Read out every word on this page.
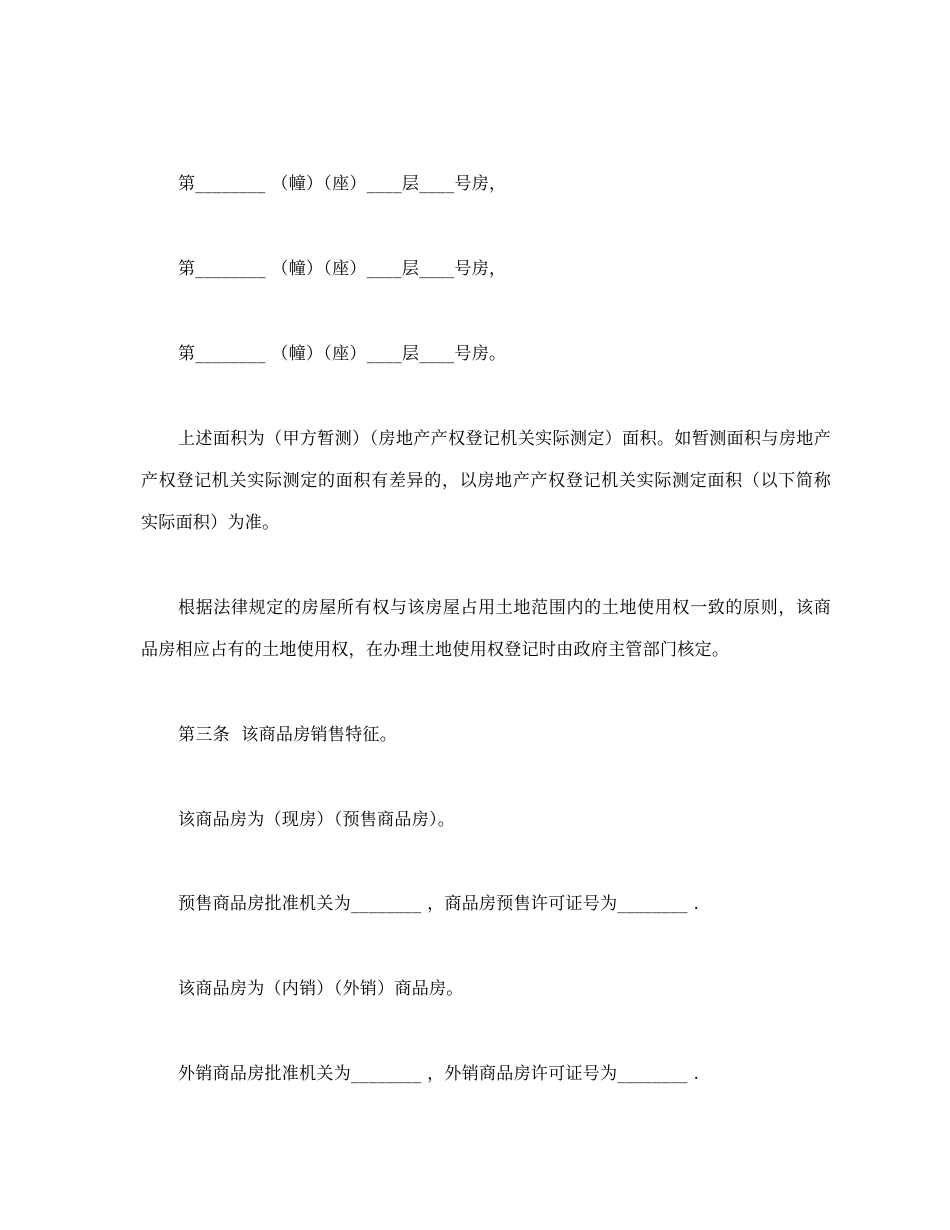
第________ （幢）（座）____层____号房，

第________ （幢）（座）____层____号房，

第________ （幢）（座）____层____号房。

上述面积为（甲方暂测）（房地产产权登记机关实际测定）面积。如暂测面积与房地产产权登记机关实际测定的面积有差异的，以房地产产权登记机关实际测定面积（以下简称实际面积）为准。

根据法律规定的房屋所有权与该房屋占用土地范围内的土地使用权一致的原则，该商品房相应占有的土地使用权，在办理土地使用权登记时由政府主管部门核定。

第三条  该商品房销售特征。

该商品房为（现房）（预售商品房）。

预售商品房批准机关为________ ，商品房预售许可证号为________ .

该商品房为（内销）（外销）商品房。

外销商品房批准机关为________ ，外销商品房许可证号为________ .
